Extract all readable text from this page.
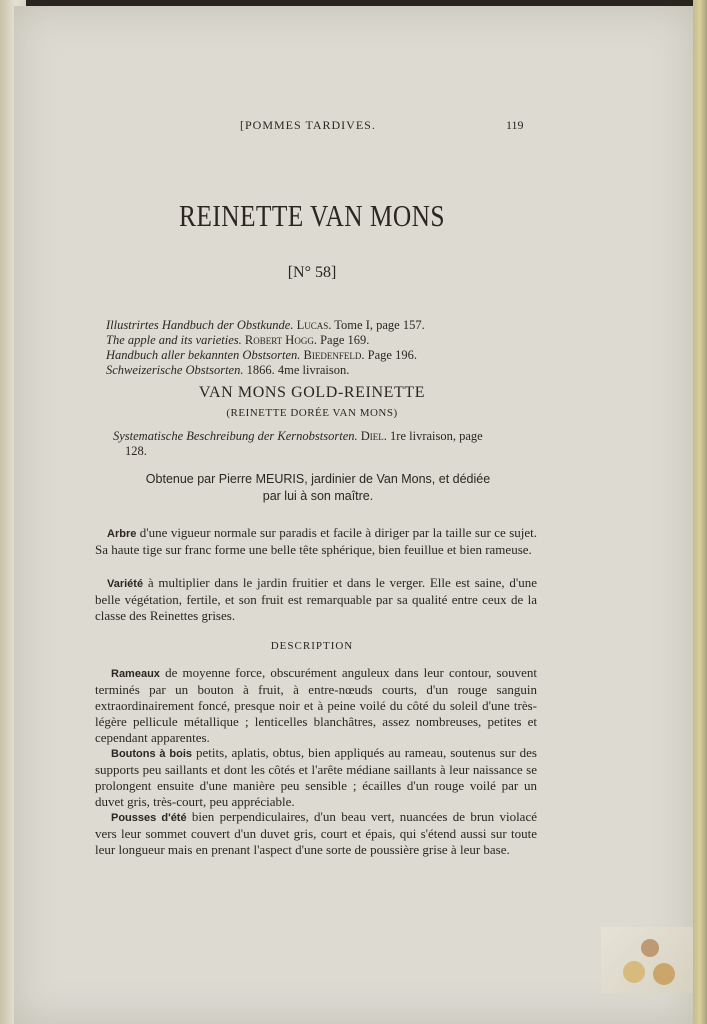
[POMMES TARDIVES.	119
REINETTE VAN MONS
[N° 58]
Illustrirtes Handbuch der Obstkunde. Lucas. Tome I, page 157.
The apple and its varieties. Robert Hogg. Page 169.
Handbuch aller bekannten Obstsorten. Biedenfeld. Page 196.
Schweizerische Obstsorten. 1866. 4me livraison.
VAN MONS GOLD-REINETTE
(REINETTE DORÉE VAN MONS)
Systematische Beschreibung der Kernobstsorten. Diel. 1re livraison, page
128.
Obtenue par Pierre MEURIS, jardinier de Van Mons, et dédiée
par lui à son maître.
Arbre d'une vigueur normale sur paradis et facile à diriger par la taille sur ce sujet. Sa haute tige sur franc forme une belle tête sphérique, bien feuillue et bien rameuse.
Variété à multiplier dans le jardin fruitier et dans le verger. Elle est saine, d'une belle végétation, fertile, et son fruit est remarquable par sa qualité entre ceux de la classe des Reinettes grises.
DESCRIPTION
Rameaux de moyenne force, obscurément anguleux dans leur contour, souvent terminés par un bouton à fruit, à entre-nœuds courts, d'un rouge sanguin extraordinairement foncé, presque noir et à peine voilé du côté du soleil d'une très-légère pellicule métallique ; lenticelles blanchâtres, assez nombreuses, petites et cependant apparentes.
Boutons à bois petits, aplatis, obtus, bien appliqués au rameau, soutenus sur des supports peu saillants et dont les côtés et l'arête médiane saillants à leur naissance se prolongent ensuite d'une manière peu sensible ; écailles d'un rouge voilé par un duvet gris, très-court, peu appréciable.
Pousses d'été bien perpendiculaires, d'un beau vert, nuancées de brun violacé vers leur sommet couvert d'un duvet gris, court et épais, qui s'étend aussi sur toute leur longueur mais en prenant l'aspect d'une sorte de poussière grise à leur base.
